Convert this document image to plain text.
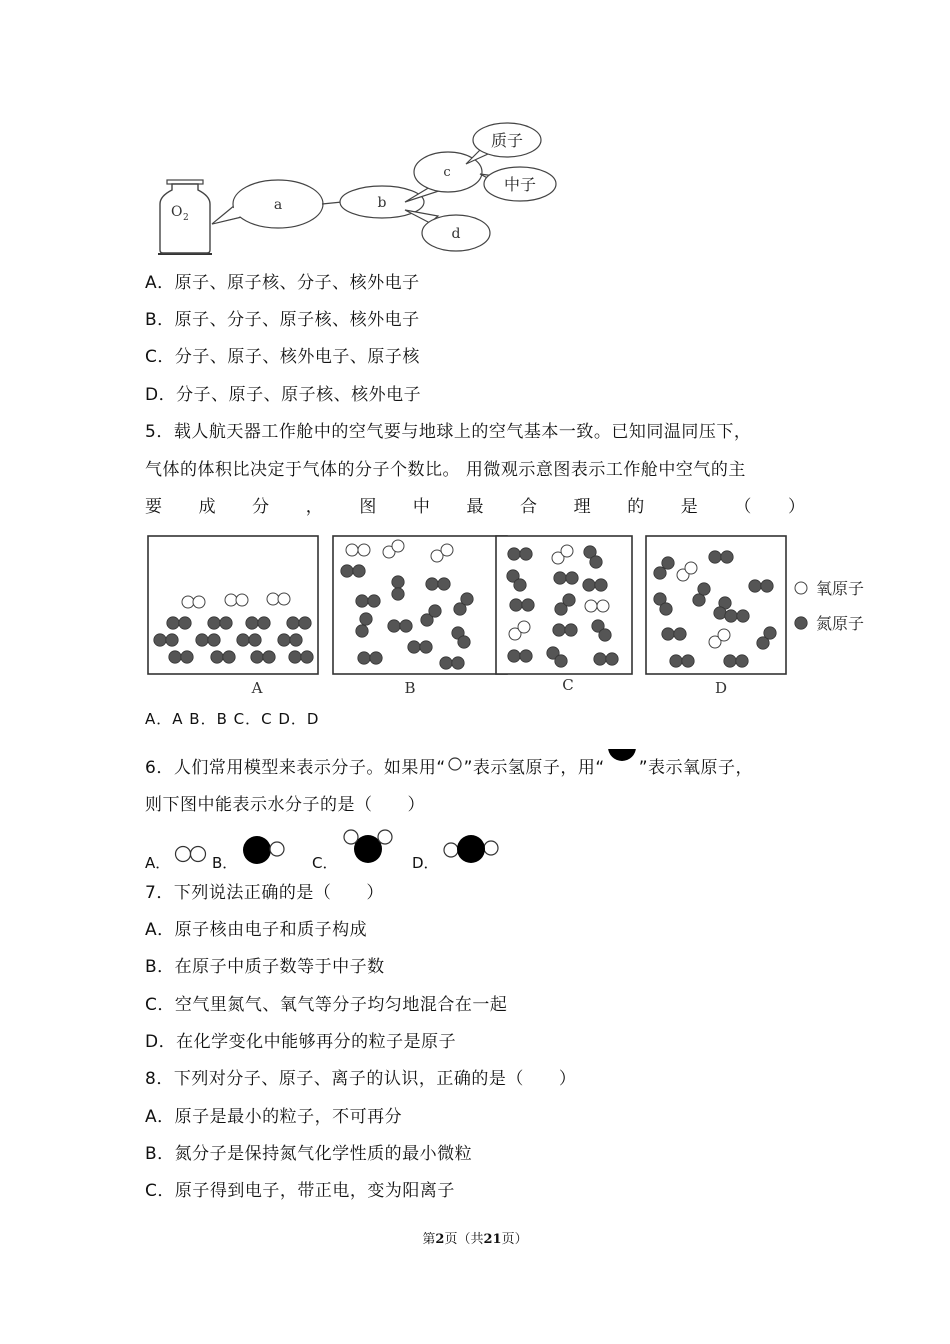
O 2
a	b
c
d
质子
中子
A．原子、原子核、分子、核外电子
B．原子、分子、原子核、核外电子
C．分子、原子、核外电子、原子核
D．分子、原子、原子核、核外电子
5．载人航天器工作舱中的空气要与地球上的空气基本一致。已知同温同压下，
气体的体积比决定于气体的分子个数比。 用微观示意图表示工作舱中空气的主
要 成 分 ， 图 中 最 合 理 的 是 （ ）
A	B	C	D
氧原子
氮原子
A．A B．B C．C D．D
6．人们常用模型来表示分子。如果用“ ”表示氢原子，用“ ”表示氧原子，
则下图中能表示水分子的是（　　）
A．	B．	C．	D．
7．下列说法正确的是（　　）
A．原子核由电子和质子构成
B．在原子中质子数等于中子数
C．空气里氮气、氧气等分子均匀地混合在一起
D．在化学变化中能够再分的粒子是原子
8．下列对分子、原子、离子的认识，正确的是（　　）
A．原子是最小的粒子，不可再分
B．氮分子是保持氮气化学性质的最小微粒
C．原子得到电子，带正电，变为阳离子
第2页（共21页）
